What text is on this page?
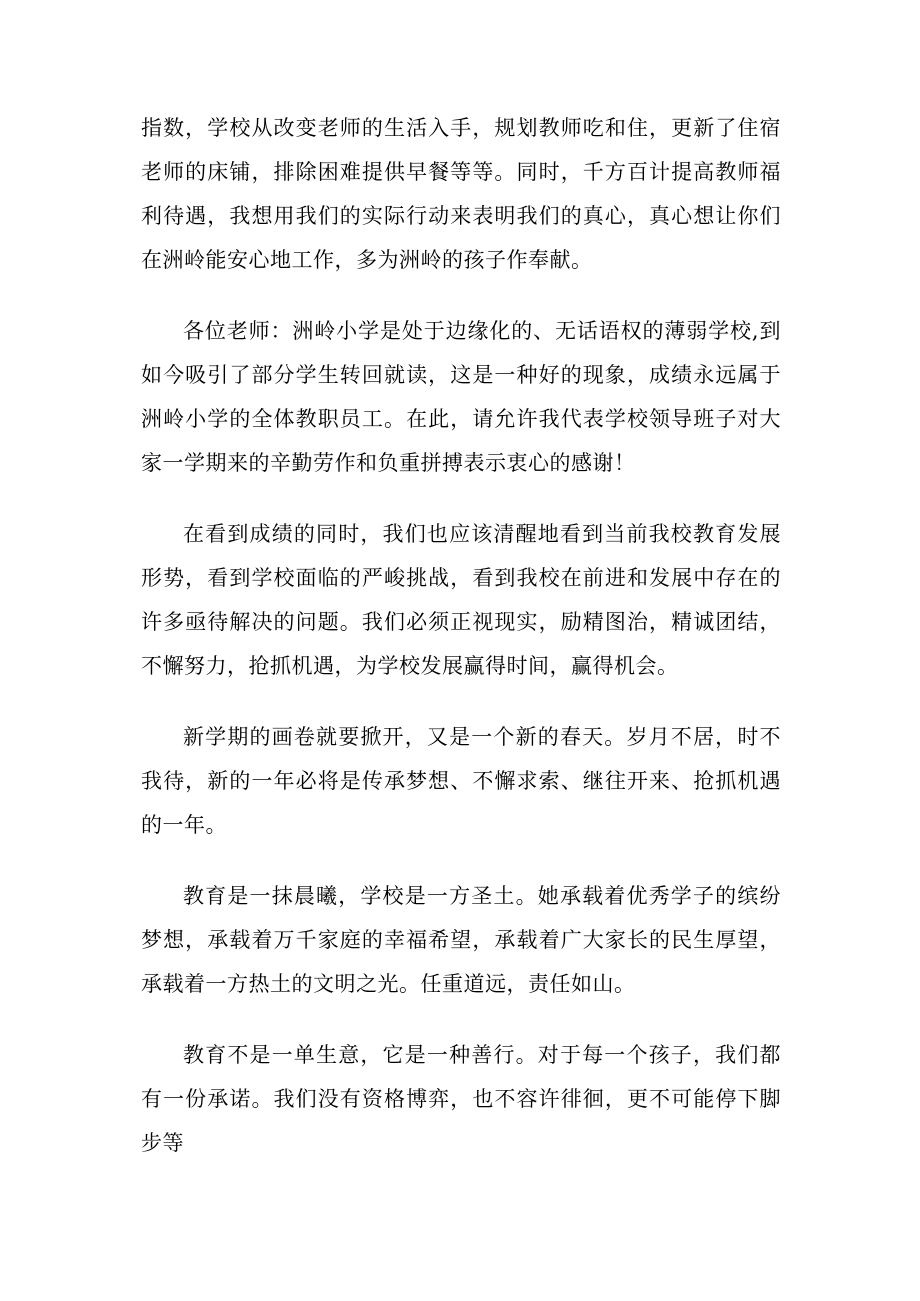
指数，学校从改变老师的生活入手，规划教师吃和住，更新了住宿老师的床铺，排除困难提供早餐等等。同时，千方百计提高教师福利待遇，我想用我们的实际行动来表明我们的真心，真心想让你们在洲岭能安心地工作，多为洲岭的孩子作奉献。

各位老师：洲岭小学是处于边缘化的、无话语权的薄弱学校,到如今吸引了部分学生转回就读，这是一种好的现象，成绩永远属于洲岭小学的全体教职员工。在此，请允许我代表学校领导班子对大家一学期来的辛勤劳作和负重拼搏表示衷心的感谢！

在看到成绩的同时，我们也应该清醒地看到当前我校教育发展形势，看到学校面临的严峻挑战，看到我校在前进和发展中存在的许多亟待解决的问题。我们必须正视现实，励精图治，精诚团结，不懈努力，抢抓机遇，为学校发展赢得时间，赢得机会。

新学期的画卷就要掀开，又是一个新的春天。岁月不居，时不我待，新的一年必将是传承梦想、不懈求索、继往开来、抢抓机遇的一年。

教育是一抹晨曦，学校是一方圣土。她承载着优秀学子的缤纷梦想，承载着万千家庭的幸福希望，承载着广大家长的民生厚望，承载着一方热土的文明之光。任重道远，责任如山。

教育不是一单生意，它是一种善行。对于每一个孩子，我们都有一份承诺。我们没有资格博弈，也不容许徘徊，更不可能停下脚步等
